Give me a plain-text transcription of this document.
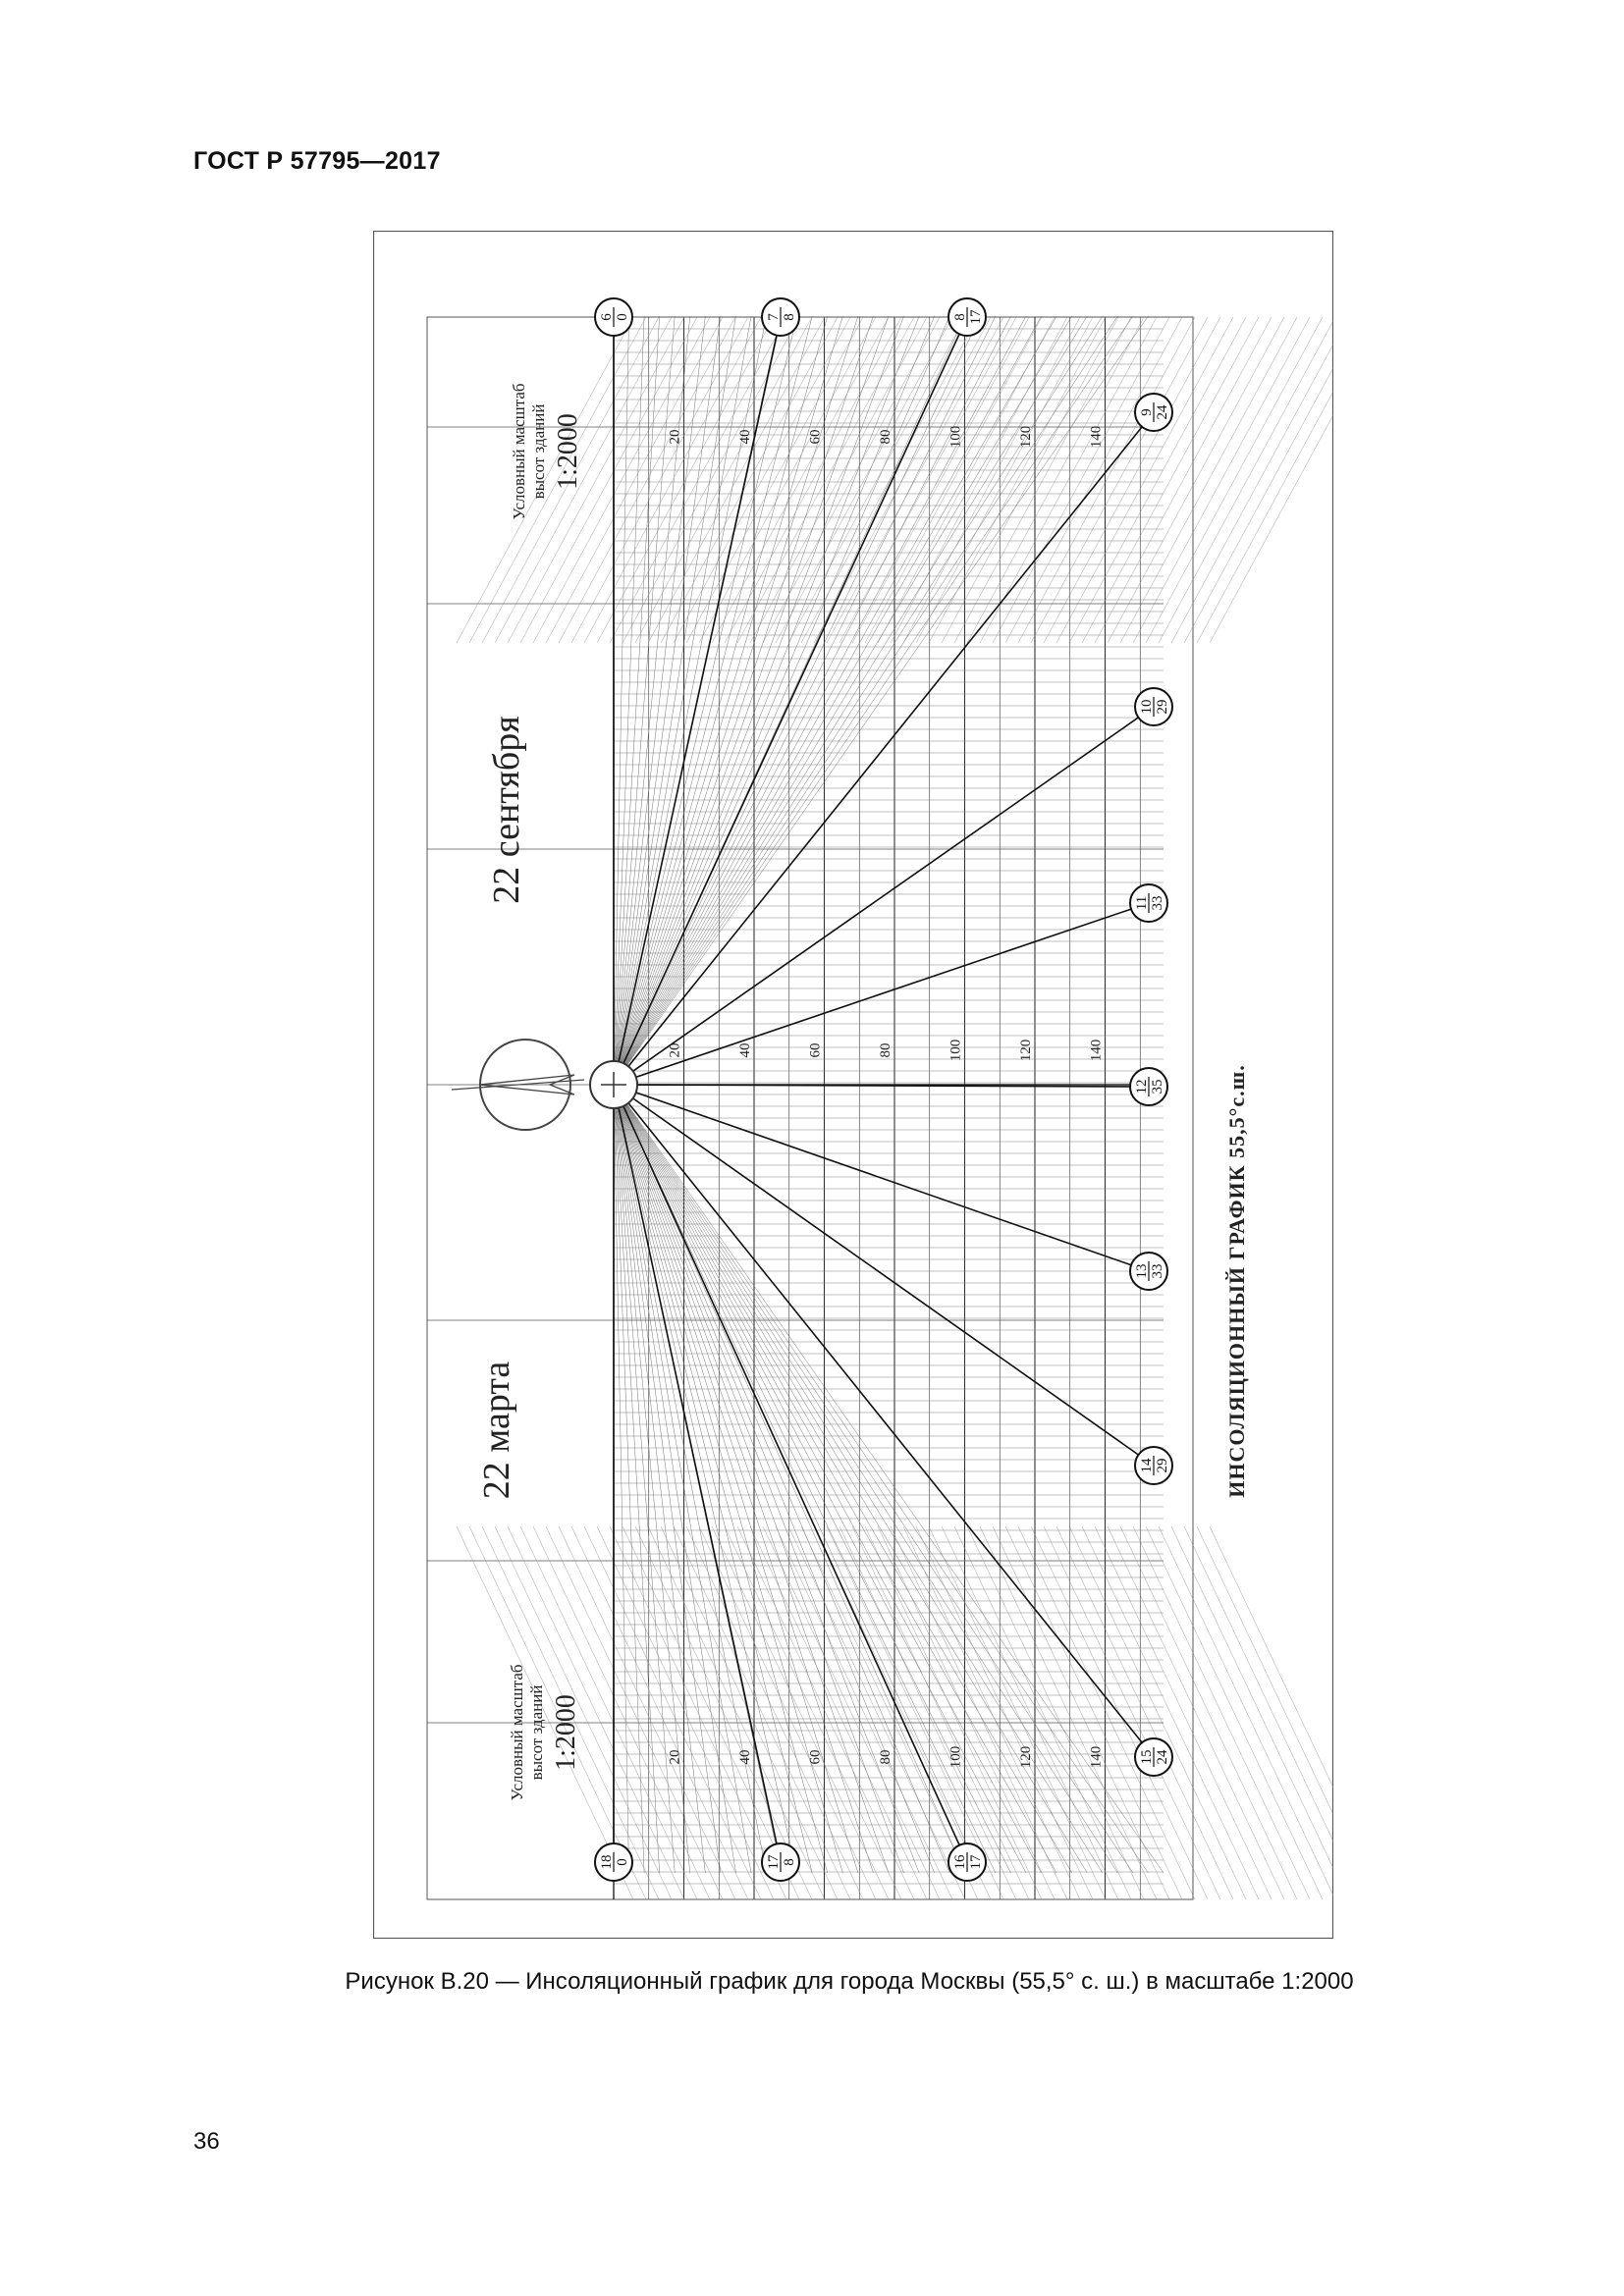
ГОСТ Р 57795—2017
20
20
20
40
40
40
60
60
60
80
80
80
100
100
100
120
120
120
140
140
140
6 0	7 8	8 17
9 24
10 29
11 33
12 35
13 33
14 29
15 24
16 17
17 8
18 0
22 сентября
22 марта
Условный масштаб высот зданий 1:2000
Условный масштаб высот зданий 1:2000
ИНСОЛЯЦИОННЫЙ ГРАФИК 55,5°с.ш.
Рисунок В.20 — Инсоляционный график для города Москвы (55,5° с. ш.) в масштабе 1:2000
36
